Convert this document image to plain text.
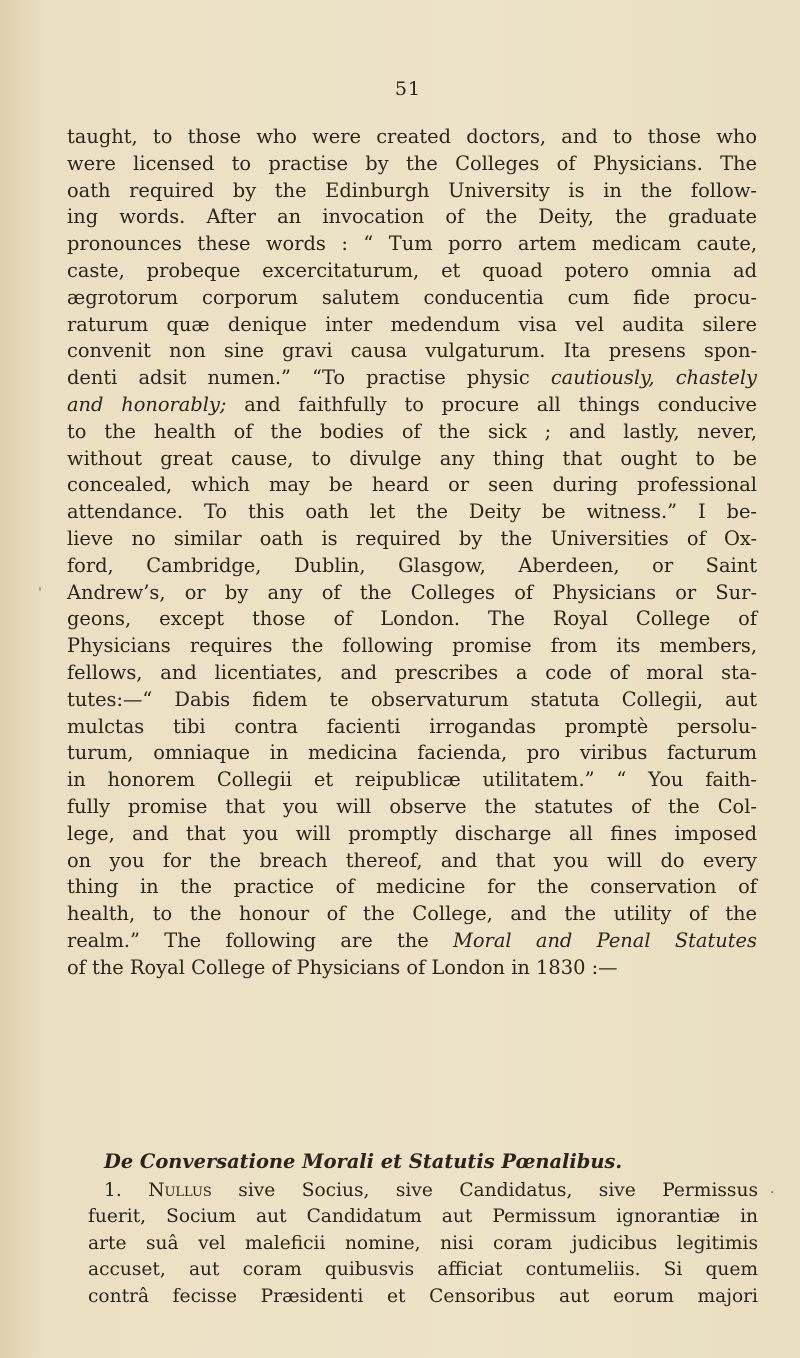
51
taught, to those who were created doctors, and to those who
were licensed to practise by the Colleges of Physicians. The
oath required by the Edinburgh University is in the follow-
ing words. After an invocation of the Deity, the graduate
pronounces these words : “ Tum porro artem medicam caute,
caste, probeque excercitaturum, et quoad potero omnia ad
ægrotorum corporum salutem conducentia cum fide procu-
raturum quæ denique inter medendum visa vel audita silere
convenit non sine gravi causa vulgaturum. Ita presens spon-
denti adsit numen.” “To practise physic cautiously, chastely
and honorably; and faithfully to procure all things conducive
to the health of the bodies of the sick ; and lastly, never,
without great cause, to divulge any thing that ought to be
concealed, which may be heard or seen during professional
attendance. To this oath let the Deity be witness.” I be-
lieve no similar oath is required by the Universities of Ox-
ford, Cambridge, Dublin, Glasgow, Aberdeen, or Saint
Andrew’s, or by any of the Colleges of Physicians or Sur-
geons, except those of London. The Royal College of
Physicians requires the following promise from its members,
fellows, and licentiates, and prescribes a code of moral sta-
tutes:—“ Dabis fidem te observaturum statuta Collegii, aut
mulctas tibi contra facienti irrogandas promptè persolu-
turum, omniaque in medicina facienda, pro viribus facturum
in honorem Collegii et reipublicæ utilitatem.” “ You faith-
fully promise that you will observe the statutes of the Col-
lege, and that you will promptly discharge all fines imposed
on you for the breach thereof, and that you will do every
thing in the practice of medicine for the conservation of
health, to the honour of the College, and the utility of the
realm.” The following are the Moral and Penal Statutes
of the Royal College of Physicians of London in 1830 :—
De Conversatione Morali et Statutis Pœnalibus.
1. Nullus sive Socius, sive Candidatus, sive Permissus
fuerit, Socium aut Candidatum aut Permissum ignorantiæ in
arte suâ vel maleficii nomine, nisi coram judicibus legitimis
accuset, aut coram quibusvis afficiat contumeliis. Si quem
contrâ fecisse Præsidenti et Censoribus aut eorum majori
ˈ
·
